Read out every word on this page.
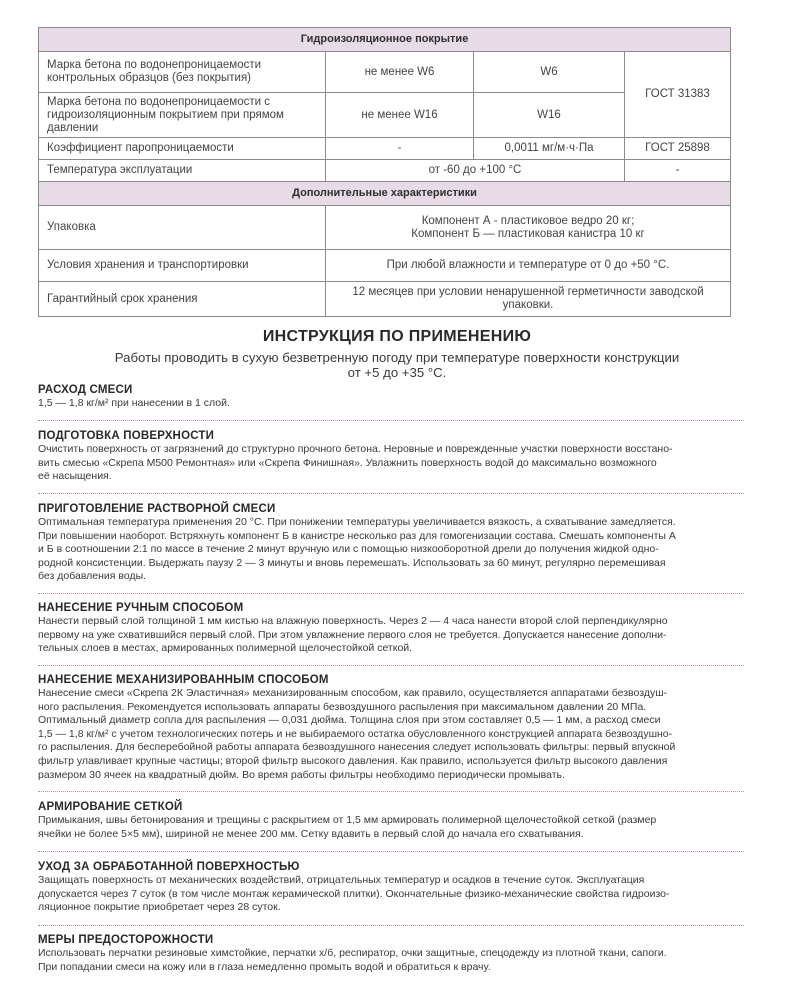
Гидроизоляционное покрытие			
Марка бетона по водонепроницаемости контрольных образцов (без покрытия)	не менее W6	W6	ГОСТ 31383
Марка бетона по водонепроницаемости с гидроизоляционным покрытием при прямом давлении	не менее W16	W16	
Коэффициент паропроницаемости	-	0,0011 мг/м·ч·Па	ГОСТ 25898
Температура эксплуатации	от -60 до +100 °С		-
Дополнительные характеристики			
Упаковка	Компонент А - пластиковое ведро 20 кг;
Компонент Б — пластиковая канистра 10 кг		

Условия хранения и транспортировки	При любой влажности и температуре от 0 до +50 °С.		
Гарантийный срок хранения	12 месяцев при условии ненарушенной герметичности заводской упаковки.		
ИНСТРУКЦИЯ ПО ПРИМЕНЕНИЮ
Работы проводить в сухую безветренную погоду при температуре поверхности конструкции
от +5 до +35 °С.
РАСХОД СМЕСИ

1,5 — 1,8 кг/м² при нанесении в 1 слой.

ПОДГОТОВКА ПОВЕРХНОСТИ

Очистить поверхность от загрязнений до структурно прочного бетона. Неровные и поврежденные участки поверхности восстано-

вить смесью «Скрепа М500 Ремонтная» или «Скрепа Финишная». Увлажнить поверхность водой до максимально возможного

её насыщения.

ПРИГОТОВЛЕНИЕ РАСТВОРНОЙ СМЕСИ

Оптимальная температура применения 20 °С. При понижении температуры увеличивается вязкость, а схватывание замедляется.

При повышении наоборот. Встряхнуть компонент Б в канистре несколько раз для гомогенизации состава. Смешать компоненты А

и Б в соотношении 2:1 по массе в течение 2 минут вручную или с помощью низкооборотной дрели до получения жидкой одно-

родной консистенции. Выдержать паузу 2 — 3 минуты и вновь перемешать. Использовать за 60 минут, регулярно перемешивая

без добавления воды.

НАНЕСЕНИЕ РУЧНЫМ СПОСОБОМ

Нанести первый слой толщиной 1 мм кистью на влажную поверхность. Через 2 — 4 часа нанести второй слой перпендикулярно

первому на уже схватившийся первый слой. При этом увлажнение первого слоя не требуется. Допускается нанесение дополни-

тельных слоев в местах, армированных полимерной щелочестойкой сеткой.

НАНЕСЕНИЕ МЕХАНИЗИРОВАННЫМ СПОСОБОМ

Нанесение смеси «Скрепа 2К Эластичная» механизированным способом, как правило, осуществляется аппаратами безвоздуш-

ного распыления. Рекомендуется использовать аппараты безвоздушного распыления при максимальном давлении 20 МПа.

Оптимальный диаметр сопла для распыления — 0,031 дюйма. Толщина слоя при этом составляет 0,5 — 1 мм, а расход смеси

1,5 — 1,8 кг/м² с учетом технологических потерь и не выбираемого остатка обусловленного конструкцией аппарата безвоздушно-

го распыления. Для бесперебойной работы аппарата безвоздушного нанесения следует использовать фильтры: первый впускной

фильтр улавливает крупные частицы; второй фильтр высокого давления. Как правило, используется фильтр высокого давления

размером 30 ячеек на квадратный дюйм. Во время работы фильтры необходимо периодически промывать.

АРМИРОВАНИЕ СЕТКОЙ

Примыкания, швы бетонирования и трещины с раскрытием от 1,5 мм армировать полимерной щелочестойкой сеткой (размер

ячейки не более 5×5 мм), шириной не менее 200 мм. Сетку вдавить в первый слой до начала его схватывания.

УХОД ЗА ОБРАБОТАННОЙ ПОВЕРХНОСТЬЮ

Защищать поверхность от механических воздействий, отрицательных температур и осадков в течение суток. Эксплуатация

допускается через 7 суток (в том числе монтаж керамической плитки). Окончательные физико-механические свойства гидроизо-

ляционное покрытие приобретает через 28 суток.

МЕРЫ ПРЕДОСТОРОЖНОСТИ

Использовать перчатки резиновые химстойкие, перчатки х/б, респиратор, очки защитные, спецодежду из плотной ткани, сапоги.

При попадании смеси на кожу или в глаза немедленно промыть водой и обратиться к врачу.
